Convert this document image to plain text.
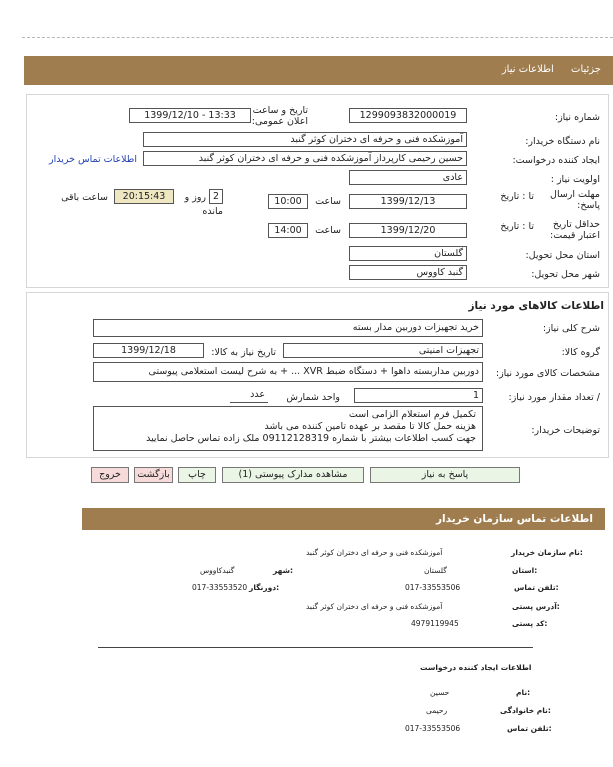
جزئیات اطلاعات نیاز
شماره نیاز:
1299093832000019
تاریخ و ساعت اعلان عمومی:
1399/12/10 - 13:33
نام دستگاه خریدار:
آموزشکده فنی و حرفه ای دختران کوثر گنبد
ایجاد کننده درخواست:
حسین رحیمی کارپرداز آموزشکده فنی و حرفه ای دختران کوثر گنبد
اطلاعات تماس خریدار
اولویت نیاز :
عادی
مهلت ارسال پاسخ:
تا : تاریخ
1399/12/13
ساعت
10:00
2
روز و
مانده
20:15:43
ساعت باقی
حداقل تاریخ اعتبار قیمت:
تا : تاریخ
1399/12/20
ساعت
14:00
استان محل تحویل:
گلستان
شهر محل تحویل:
گنبد کاووس
اطلاعات کالاهای مورد نیاز
شرح کلی نیاز:
خرید تجهیزات دوربین مدار بسته
گروه کالا:
تجهیزات امنیتی
تاریخ نیاز به کالا:
1399/12/18
مشخصات کالای مورد نیاز:
دوربین مداربسته داهوا + دستگاه ضبط XVR ... + به شرح لیست استعلامی پیوستی
/ تعداد مقدار مورد نیاز:
1
واحد شمارش
عدد
توضیحات خریدار:
تکمیل فرم استعلام الزامی است
هزینه حمل کالا تا مقصد بر عهده تامین کننده می باشد
جهت کسب اطلاعات بیشتر با شماره 09112128319 ملک زاده تماس حاصل نمایید
پاسخ به نیاز
مشاهده مدارک پیوستی (1)
چاپ
بازگشت
خروج
اطلاعات تماس سازمان خریدار
نام سازمان خریدار:
آموزشکده فنی و حرفه ای دختران کوثر گنبد
استان:
گلستان
شهر:
گنبدکاووس
تلفن تماس:
017-33553506
دورنگار:
017-33553520
آدرس پستی:
آموزشکده فنی و حرفه ای دختران کوثر گنبد
کد پستی:
4979119945
اطلاعات ایجاد کننده درخواست
نام:
حسین
نام خانوادگی:
رحیمی
تلفن تماس:
017-33553506
